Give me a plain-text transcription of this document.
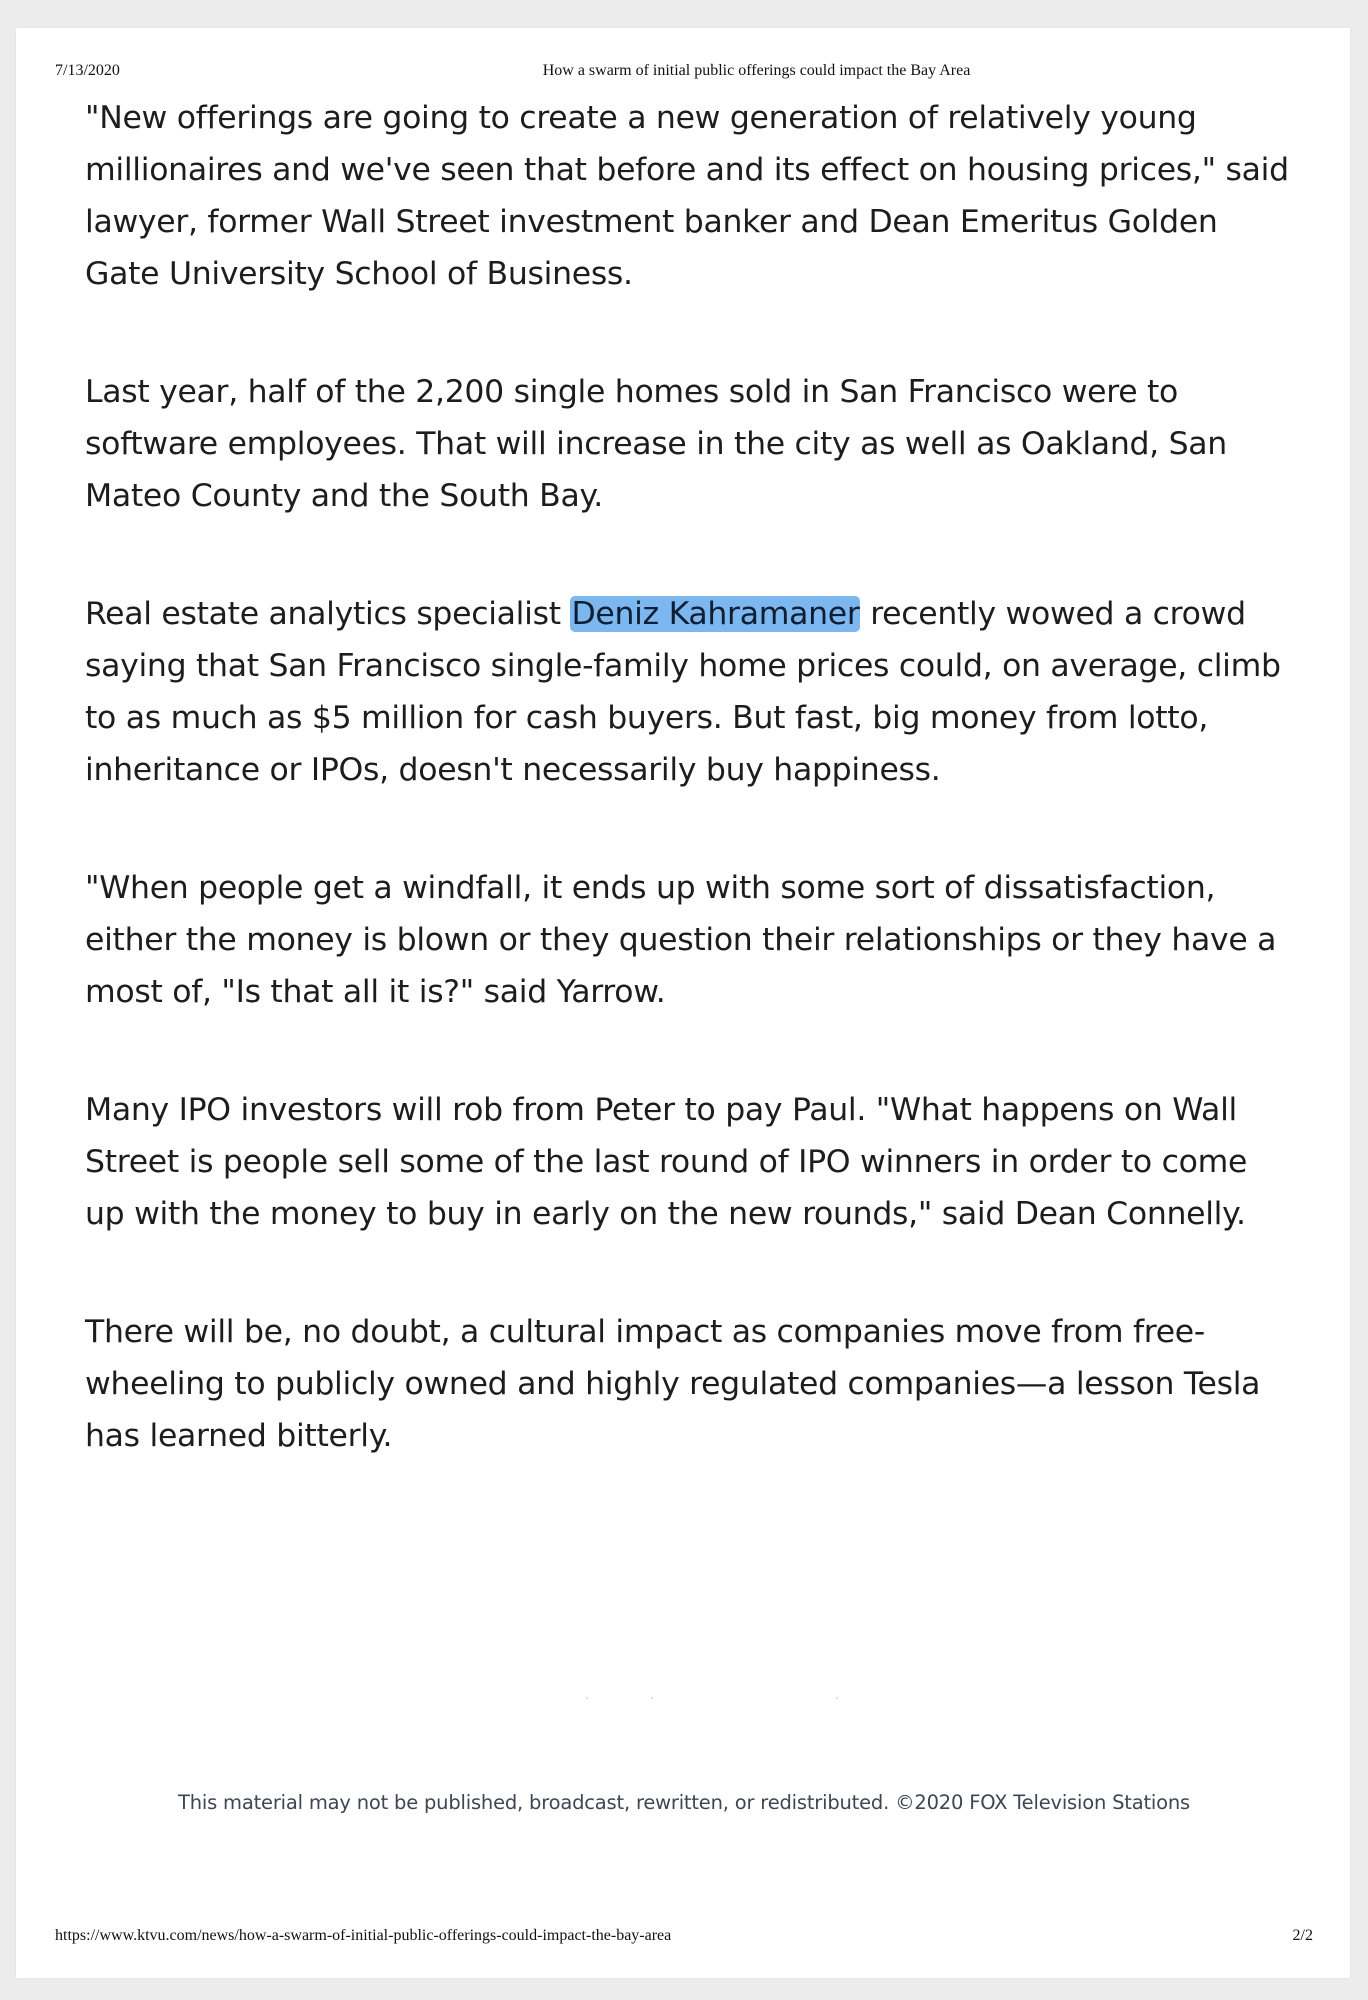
7/13/2020	How a swarm of initial public offerings could impact the Bay Area

"New offerings are going to create a new generation of relatively young millionaires and we've seen that before and its effect on housing prices," said lawyer, former Wall Street investment banker and Dean Emeritus Golden Gate University School of Business.

Last year, half of the 2,200 single homes sold in San Francisco were to software employees. That will increase in the city as well as Oakland, San Mateo County and the South Bay.

Real estate analytics specialist Deniz Kahramaner recently wowed a crowd saying that San Francisco single-family home prices could, on average, climb to as much as $5 million for cash buyers. But fast, big money from lotto, inheritance or IPOs, doesn't necessarily buy happiness.

"When people get a windfall, it ends up with some sort of dissatisfaction, either the money is blown or they question their relationships or they have a most of, "Is that all it is?" said Yarrow.

Many IPO investors will rob from Peter to pay Paul. "What happens on Wall Street is people sell some of the last round of IPO winners in order to come up with the money to buy in early on the new rounds," said Dean Connelly.

There will be, no doubt, a cultural impact as companies move from free-wheeling to publicly owned and highly regulated companies—a lesson Tesla has learned bitterly.

This material may not be published, broadcast, rewritten, or redistributed. ©2020 FOX Television Stations
https://www.ktvu.com/news/how-a-swarm-of-initial-public-offerings-could-impact-the-bay-area	2/2
